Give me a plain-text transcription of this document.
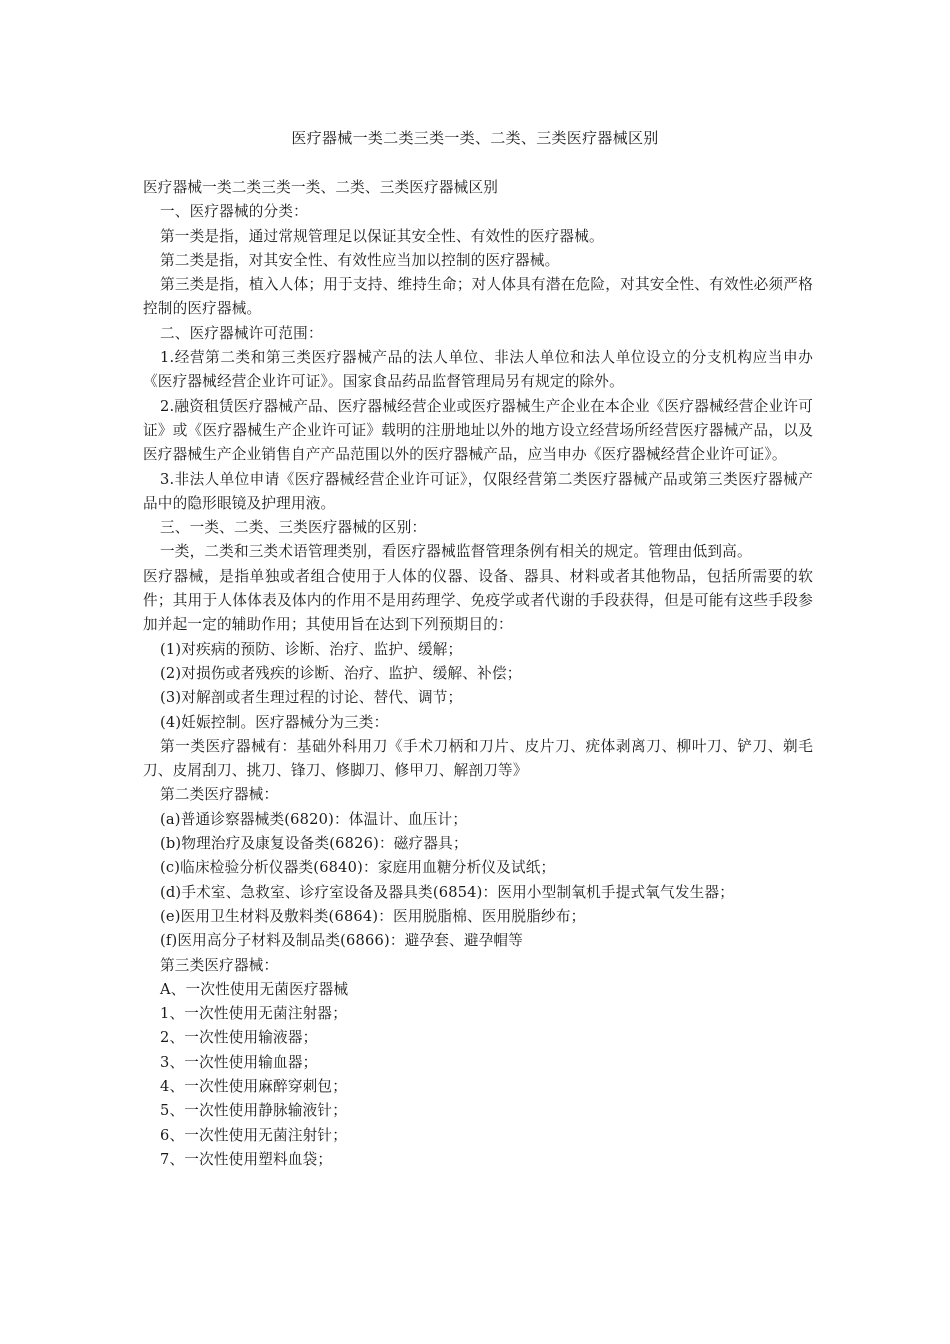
医疗器械一类二类三类一类、二类、三类医疗器械区别

医疗器械一类二类三类一类、二类、三类医疗器械区别

一、医疗器械的分类：

第一类是指，通过常规管理足以保证其安全性、有效性的医疗器械。

第二类是指，对其安全性、有效性应当加以控制的医疗器械。

第三类是指，植入人体；用于支持、维持生命；对人体具有潜在危险，对其安全性、有效性必须严格控制的医疗器械。

二、医疗器械许可范围：

1.经营第二类和第三类医疗器械产品的法人单位、非法人单位和法人单位设立的分支机构应当申办《医疗器械经营企业许可证》。国家食品药品监督管理局另有规定的除外。

2.融资租赁医疗器械产品、医疗器械经营企业或医疗器械生产企业在本企业《医疗器械经营企业许可证》或《医疗器械生产企业许可证》载明的注册地址以外的地方设立经营场所经营医疗器械产品，以及医疗器械生产企业销售自产产品范围以外的医疗器械产品，应当申办《医疗器械经营企业许可证》。

3.非法人单位申请《医疗器械经营企业许可证》，仅限经营第二类医疗器械产品或第三类医疗器械产品中的隐形眼镜及护理用液。

三、一类、二类、三类医疗器械的区别：

一类，二类和三类术语管理类别，看医疗器械监督管理条例有相关的规定。管理由低到高。

医疗器械，是指单独或者组合使用于人体的仪器、设备、器具、材料或者其他物品，包括所需要的软件；其用于人体体表及体内的作用不是用药理学、免疫学或者代谢的手段获得，但是可能有这些手段参加并起一定的辅助作用；其使用旨在达到下列预期目的：

(1)对疾病的预防、诊断、治疗、监护、缓解；

(2)对损伤或者残疾的诊断、治疗、监护、缓解、补偿；

(3)对解剖或者生理过程的讨论、替代、调节；

(4)妊娠控制。医疗器械分为三类：

第一类医疗器械有：基础外科用刀《手术刀柄和刀片、皮片刀、疣体剥离刀、柳叶刀、铲刀、剃毛刀、皮屑刮刀、挑刀、锋刀、修脚刀、修甲刀、解剖刀等》

第二类医疗器械：

(a)普通诊察器械类(6820)：体温计、血压计；

(b)物理治疗及康复设备类(6826)：磁疗器具；

(c)临床检验分析仪器类(6840)：家庭用血糖分析仪及试纸；

(d)手术室、急救室、诊疗室设备及器具类(6854)：医用小型制氧机手提式氧气发生器；

(e)医用卫生材料及敷料类(6864)：医用脱脂棉、医用脱脂纱布；

(f)医用高分子材料及制品类(6866)：避孕套、避孕帽等

第三类医疗器械：

A、一次性使用无菌医疗器械

1、一次性使用无菌注射器；

2、一次性使用输液器；

3、一次性使用输血器；

4、一次性使用麻醉穿刺包；

5、一次性使用静脉输液针；

6、一次性使用无菌注射针；

7、一次性使用塑料血袋；
